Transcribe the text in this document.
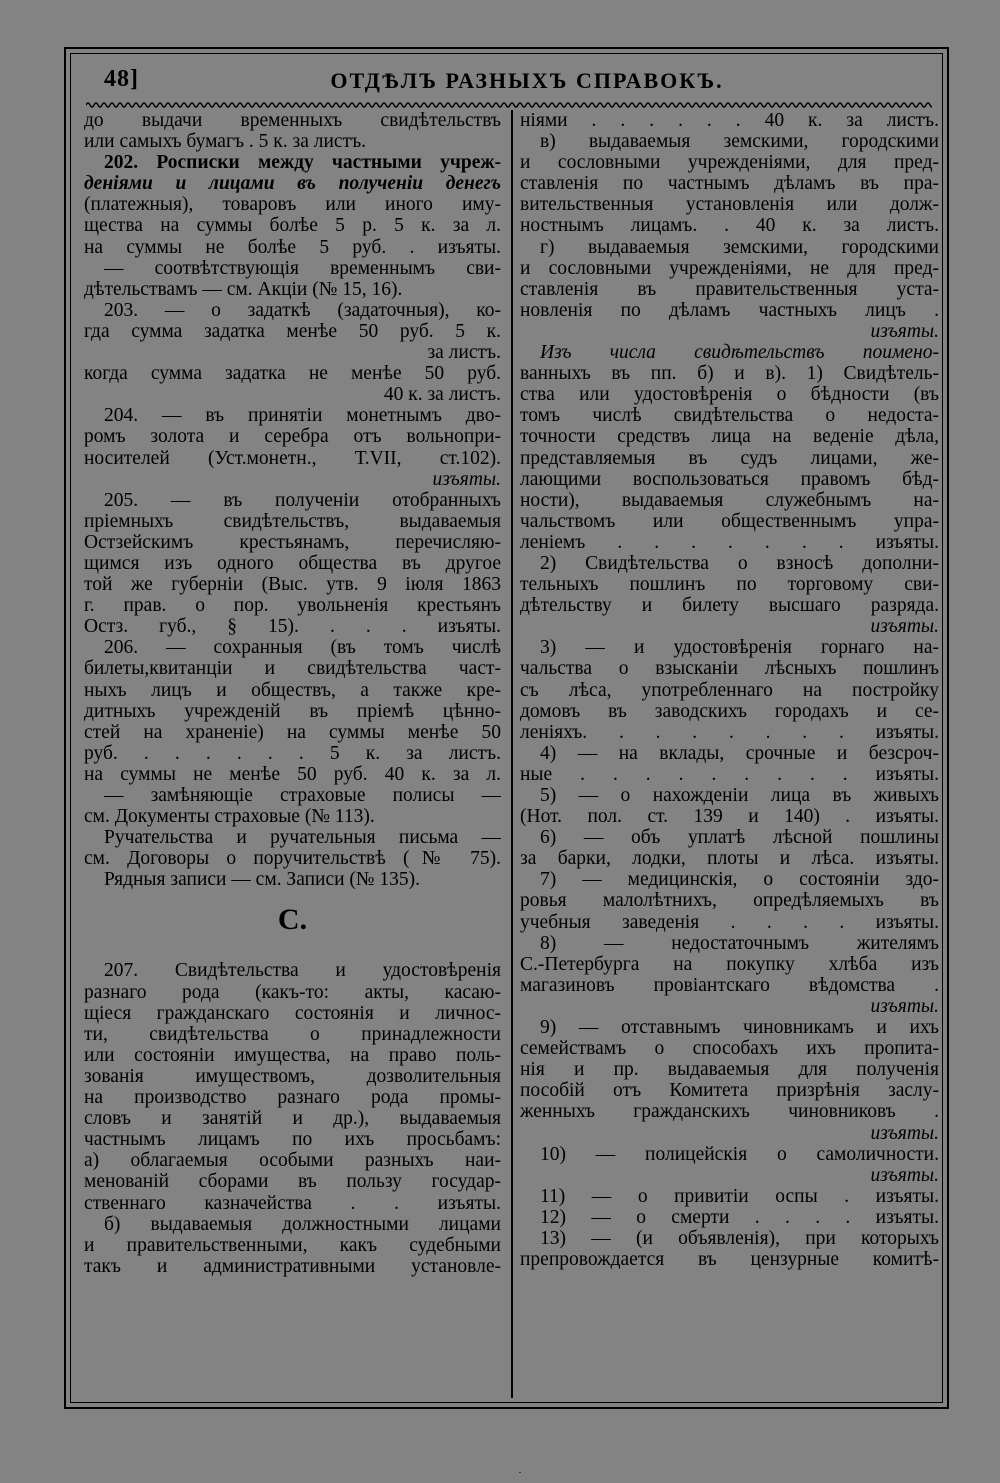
48]	ОТДѢЛЪ РАЗНЫХЪ СПРАВОКЪ.
до выдачи временныхъ свидѣтельствъ
или самыхъ бумагъ . 5 к. за листъ.
202. Росписки между частными учреж-
деніями и лицами въ полученіи денегъ
(платежныя), товаровъ или иного иму-
щества на суммы болѣе 5 р. 5 к. за л.
на суммы не болѣе 5 руб. . изъяты.
— соотвѣтствующія временнымъ сви-
дѣтельствамъ — см. Акціи (№ 15, 16).
203. — о задаткѣ (задаточныя), ко-
гда сумма задатка менѣе 50 руб. 5 к.
за листъ.
когда сумма задатка не менѣе 50 руб.
40 к. за листъ.
204. — въ принятіи монетнымъ дво-
ромъ золота и серебра отъ вольнопри-
носителей (Уст.монетн., Т.VII, ст.102).
изъяты.
205. — въ полученіи отобранныхъ
пріемныхъ свидѣтельствъ, выдаваемыя
Остзейскимъ крестьянамъ, перечисляю-
щимся изъ одного общества въ другое
той же губерніи (Выс. утв. 9 іюля 1863
г. прав. о пор. увольненія крестьянъ
Остз. губ., § 15). . . . изъяты.
206. — сохранныя (въ томъ числѣ
билеты,квитанціи и свидѣтельства част-
ныхъ лицъ и обществъ, а также кре-
дитныхъ учрежденій въ пріемѣ цѣнно-
стей на храненіе) на суммы менѣе 50
руб. . . . . . . 5 к. за листъ.
на суммы не менѣе 50 руб. 40 к. за л.
— замѣняющіе страховые полисы —
см. Документы страховые (№ 113).
Ручательства и ручательныя письма —
см. Договоры о поручительствѣ (№ 75).
Рядныя записи — см. Записи (№ 135).
С.
207. Свидѣтельства и удостовѣренія
разнаго рода (какъ-то: акты, касаю-
щіеся гражданскаго состоянія и личнос-
ти, свидѣтельства о принадлежности
или состояніи имущества, на право поль-
зованія имуществомъ, дозволительныя
на производство разнаго рода промы-
словъ и занятій и др.), выдаваемыя
частнымъ лицамъ по ихъ просьбамъ:
а) облагаемыя особыми разныхъ наи-
менованій сборами въ пользу государ-
ственнаго казначейства . . изъяты.
б) выдаваемыя должностными лицами
и правительственными, какъ судебными
такъ и административными установле-
ніями . . . . . . 40 к. за листъ.
в) выдаваемыя земскими, городскими
и сословными учрежденіями, для пред-
ставленія по частнымъ дѣламъ въ пра-
вительственныя установленія или долж-
ностнымъ лицамъ. . 40 к. за листъ.
г) выдаваемыя земскими, городскими
и сословными учрежденіями, не для пред-
ставленія въ правительственныя уста-
новленія по дѣламъ частныхъ лицъ .
изъяты.
Изъ числа свидѣтельствъ поимено-
ванныхъ въ пп. б) и в). 1) Свидѣтель-
ства или удостовѣренія о бѣдности (въ
томъ числѣ свидѣтельства о недоста-
точности средствъ лица на веденіе дѣла,
представляемыя въ судъ лицами, же-
лающими воспользоваться правомъ бѣд-
ности), выдаваемыя служебнымъ на-
чальствомъ или общественнымъ упра-
леніемъ . . . . . . . изъяты.
2) Свидѣтельства о взносѣ дополни-
тельныхъ пошлинъ по торговому сви-
дѣтельству и билету высшаго разряда.
изъяты.
3) — и удостовѣренія горнаго на-
чальства о взысканіи лѣсныхъ пошлинъ
съ лѣса, употребленнаго на постройку
домовъ въ заводскихъ городахъ и се-
леніяхъ. . . . . . . . изъяты.
4) — на вклады, срочные и безсроч-
ные . . . . . . . . . изъяты.
5) — о нахожденіи лица въ живыхъ
(Нот. пол. ст. 139 и 140) . изъяты.
6) — объ уплатѣ лѣсной пошлины
за барки, лодки, плоты и лѣса. изъяты.
7) — медицинскія, о состояніи здо-
ровья малолѣтнихъ, опредѣляемыхъ въ
учебныя заведенія . . . . изъяты.
8) — недостаточнымъ жителямъ
С.-Петербурга на покупку хлѣба изъ
магазиновъ провіантскаго вѣдомства .
изъяты.
9) — отставнымъ чиновникамъ и ихъ
семействамъ о способахъ ихъ пропита-
нія и пр. выдаваемыя для полученія
пособій отъ Комитета призрѣнія заслу-
женныхъ гражданскихъ чиновниковъ .
изъяты.
10) — полицейскія о самоличности.
изъяты.
11) — о привитіи оспы . изъяты.
12) — о смерти . . . . изъяты.
13) — (и объявленія), при которыхъ
препровождается въ цензурные комитѣ-
·
